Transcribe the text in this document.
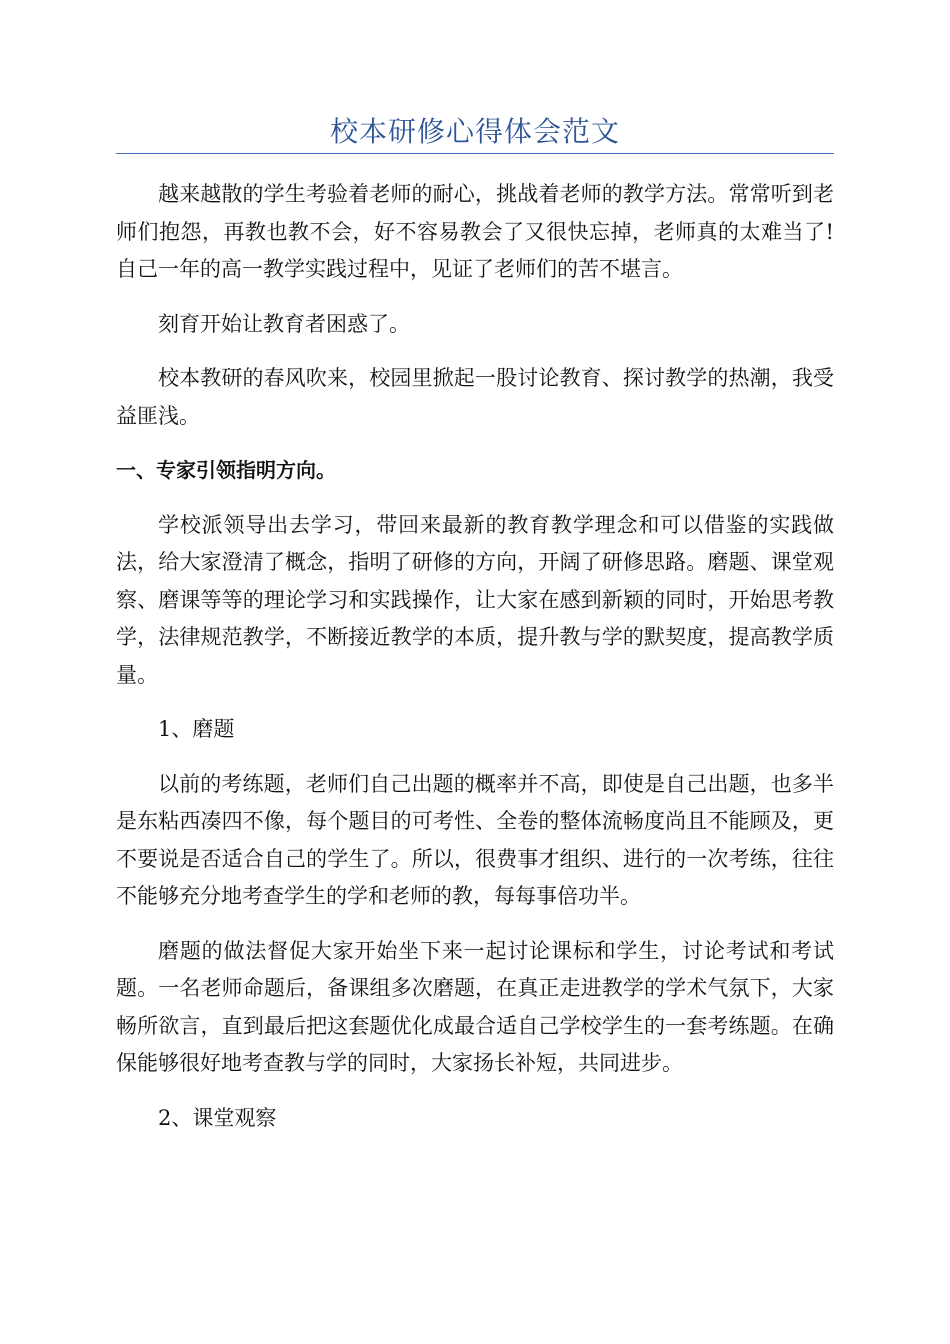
校本研修心得体会范文

越来越散的学生考验着老师的耐心，挑战着老师的教学方法。常常听到老师们抱怨，再教也教不会，好不容易教会了又很快忘掉，老师真的太难当了!自己一年的高一教学实践过程中，见证了老师们的苦不堪言。

刻育开始让教育者困惑了。

校本教研的春风吹来，校园里掀起一股讨论教育、探讨教学的热潮，我受益匪浅。

一、专家引领指明方向。

学校派领导出去学习，带回来最新的教育教学理念和可以借鉴的实践做法，给大家澄清了概念，指明了研修的方向，开阔了研修思路。磨题、课堂观察、磨课等等的理论学习和实践操作，让大家在感到新颖的同时，开始思考教学，法律规范教学，不断接近教学的本质，提升教与学的默契度，提高教学质量。

1、磨题

以前的考练题，老师们自己出题的概率并不高，即使是自己出题，也多半是东粘西凑四不像，每个题目的可考性、全卷的整体流畅度尚且不能顾及，更不要说是否适合自己的学生了。所以，很费事才组织、进行的一次考练，往往不能够充分地考查学生的学和老师的教，每每事倍功半。

磨题的做法督促大家开始坐下来一起讨论课标和学生，讨论考试和考试题。一名老师命题后，备课组多次磨题，在真正走进教学的学术气氛下，大家畅所欲言，直到最后把这套题优化成最合适自己学校学生的一套考练题。在确保能够很好地考查教与学的同时，大家扬长补短，共同进步。

2、课堂观察
